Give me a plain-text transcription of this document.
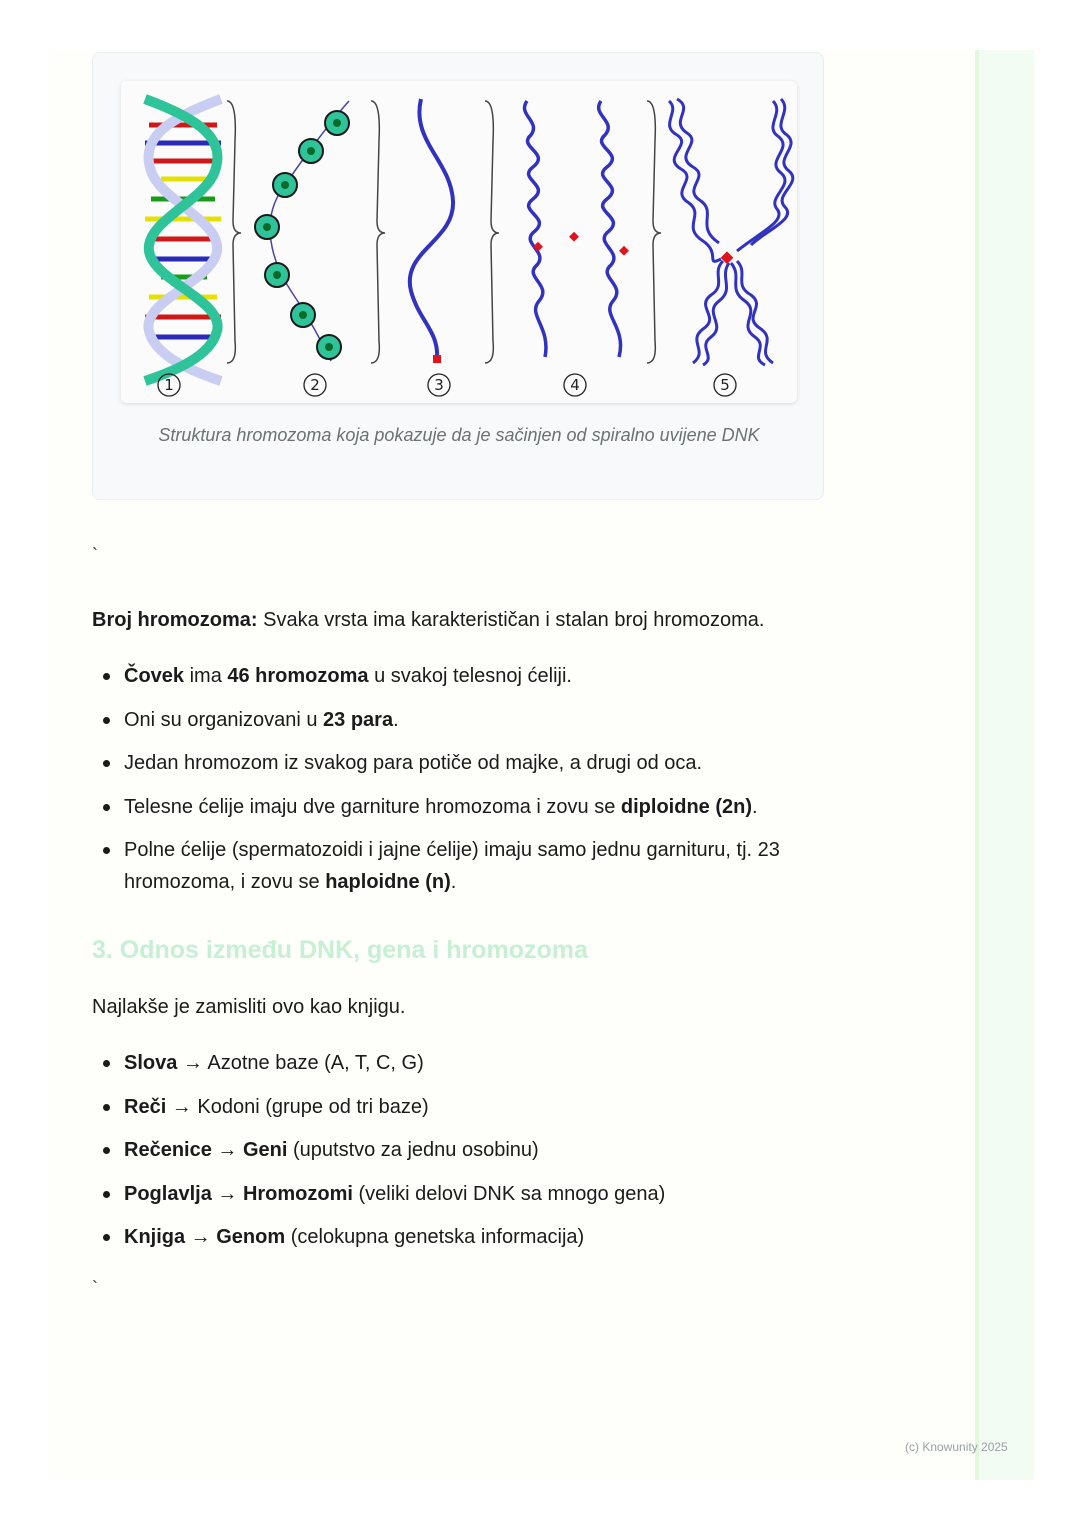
1	2	3	4	5
Struktura hromozoma koja pokazuje da je sačinjen od spiralno uvijene DNK
`
Broj hromozoma: Svaka vrsta ima karakterističan i stalan broj hromozoma.
Čovek ima 46 hromozoma u svakoj telesnoj ćeliji.
Oni su organizovani u 23 para.
Jedan hromozom iz svakog para potiče od majke, a drugi od oca.
Telesne ćelije imaju dve garniture hromozoma i zovu se diploidne (2n).
Polne ćelije (spermatozoidi i jajne ćelije) imaju samo jednu garnituru, tj. 23 hromozoma, i zovu se haploidne (n).
3. Odnos između DNK, gena i hromozoma
Najlakše je zamisliti ovo kao knjigu.
Slova → Azotne baze (A, T, C, G)
Reči → Kodoni (grupe od tri baze)
Rečenice → Geni (uputstvo za jednu osobinu)
Poglavlja → Hromozomi (veliki delovi DNK sa mnogo gena)
Knjiga → Genom (celokupna genetska informacija)
`
(c) Knowunity 2025
